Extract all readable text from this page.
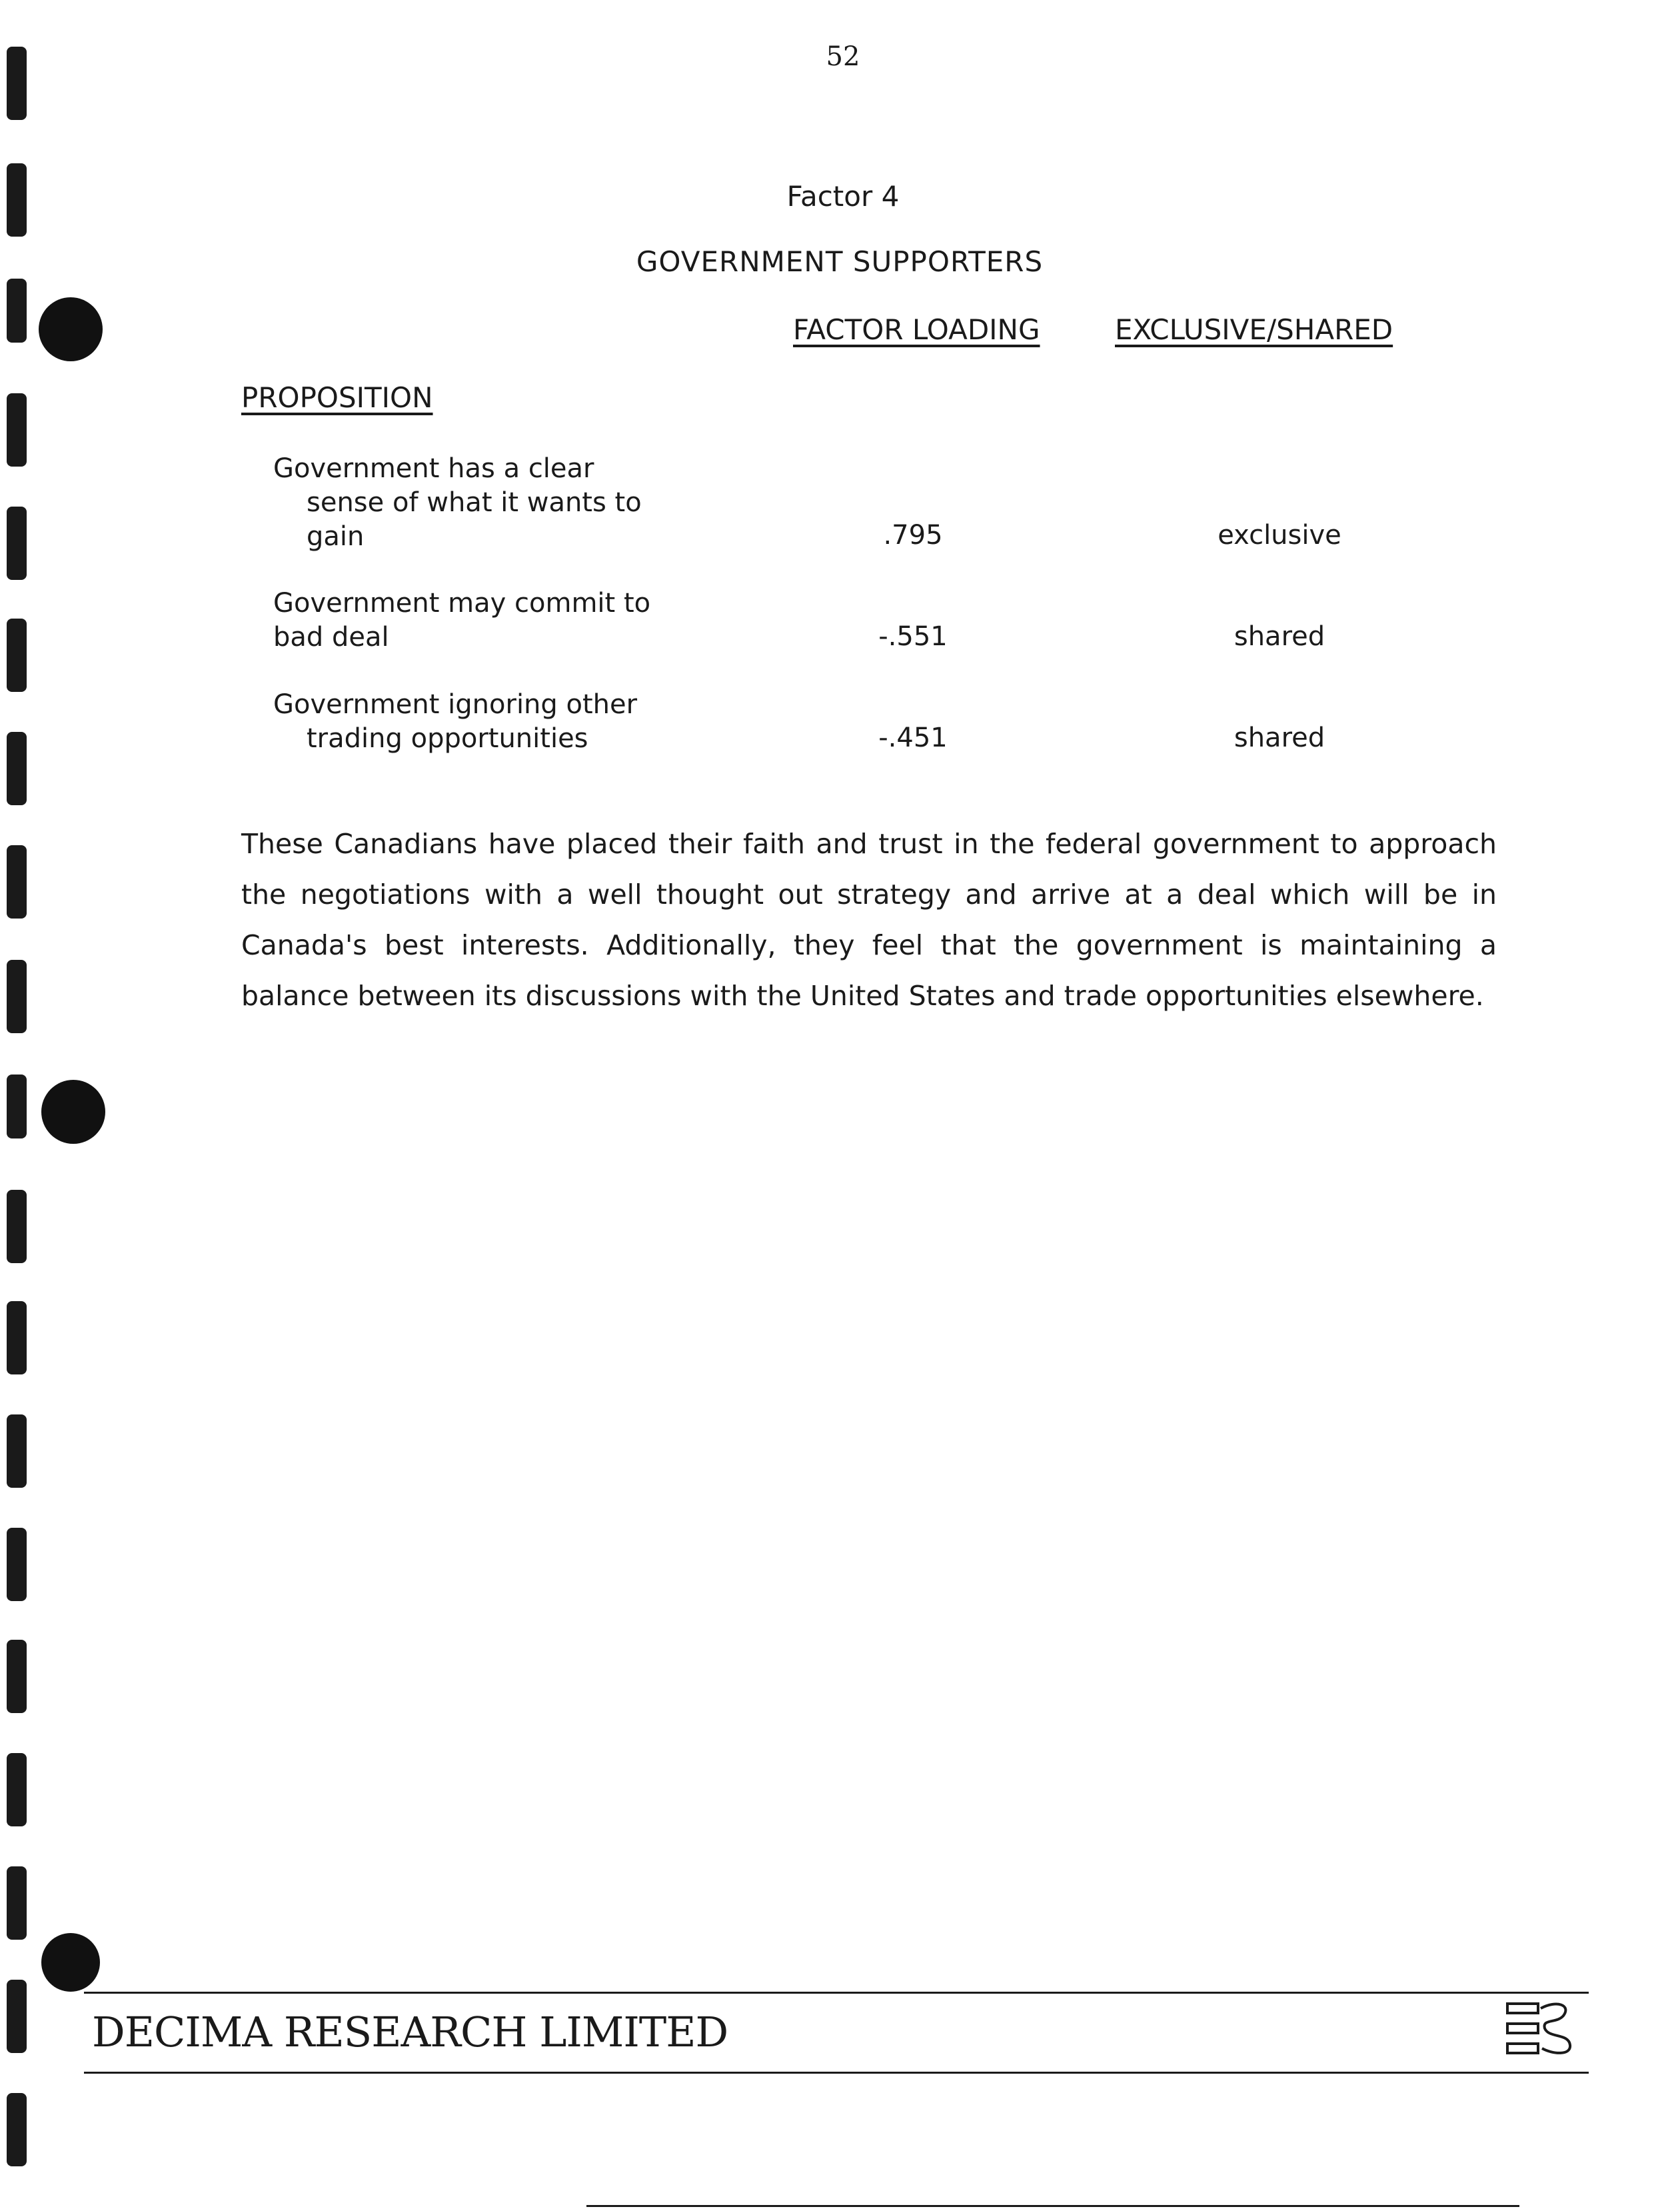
52
Factor 4
GOVERNMENT SUPPORTERS
FACTOR LOADING	EXCLUSIVE/SHARED
PROPOSITION
Government has a clear
sense of what it wants to
gain	.795	exclusive
Government may commit to
bad deal	-.551	shared
Government ignoring other
trading opportunities	-.451	shared
These Canadians have placed their faith and trust in the federal government to approach the negotiations with a well thought out strategy and arrive at a deal which will be in Canada's best interests. Additionally, they feel that the government is maintaining a balance between its discussions with the United States and trade opportunities elsewhere.
DECIMA RESEARCH LIMITED
